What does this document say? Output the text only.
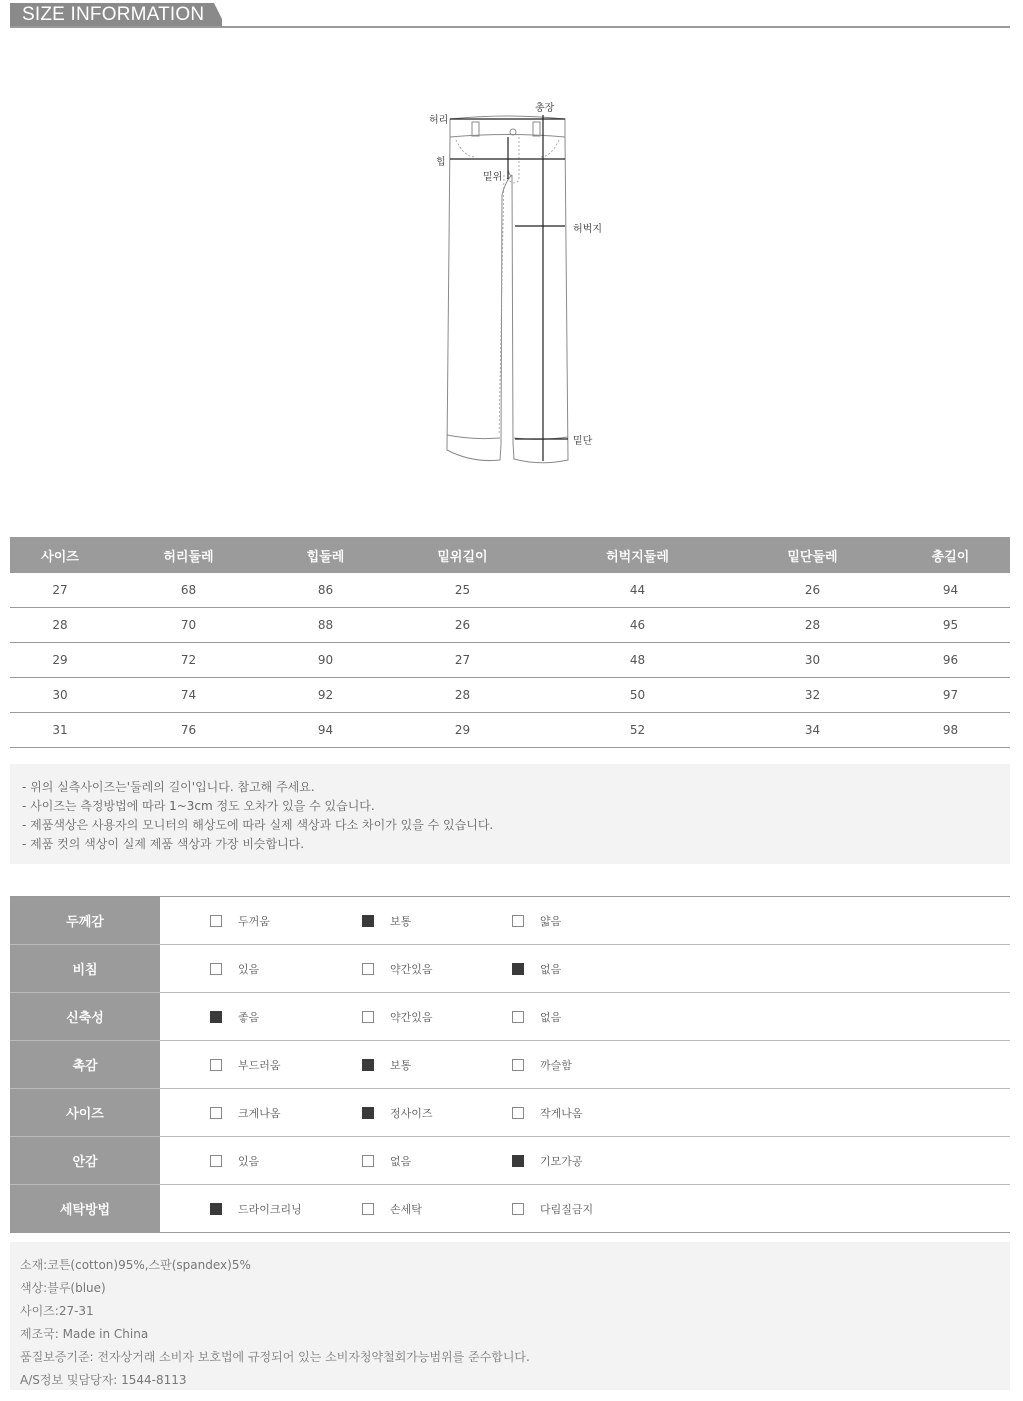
SIZE INFORMATION
총장
허리
힙
밑위
허벅지
밑단
사이즈	허리둘레	힙둘레	밑위길이	허벅지둘레	밑단둘레	총길이
27	68	86	25	44	26	94
28	70	88	26	46	28	95
29	72	90	27	48	30	96
30	74	92	28	50	32	97
31	76	94	29	52	34	98
- 위의 실측사이즈는'둘레의 길이'입니다. 참고해 주세요.
- 사이즈는 측정방법에 따라 1~3cm 정도 오차가 있을 수 있습니다.
- 제품색상은 사용자의 모니터의 해상도에 따라 실제 색상과 다소 차이가 있을 수 있습니다.
- 제품 컷의 색상이 실제 제품 색상과 가장 비슷합니다.
두께감	두꺼움	보통	얇음
비침	있음	약간있음	없음
신축성	좋음	약간있음	없음
촉감	부드러움	보통	까슬함
사이즈	크게나옴	정사이즈	작게나옴
안감	있음	없음	기모가공
세탁방법	드라이크리닝	손세탁	다림질금지
소재:코튼(cotton)95%,스판(spandex)5%
색상:블루(blue)
사이즈:27-31
제조국: Made in China
품질보증기준: 전자상거래 소비자 보호법에 규정되어 있는 소비자청약철회가능범위를 준수합니다.
A/S정보 및담당자: 1544-8113
